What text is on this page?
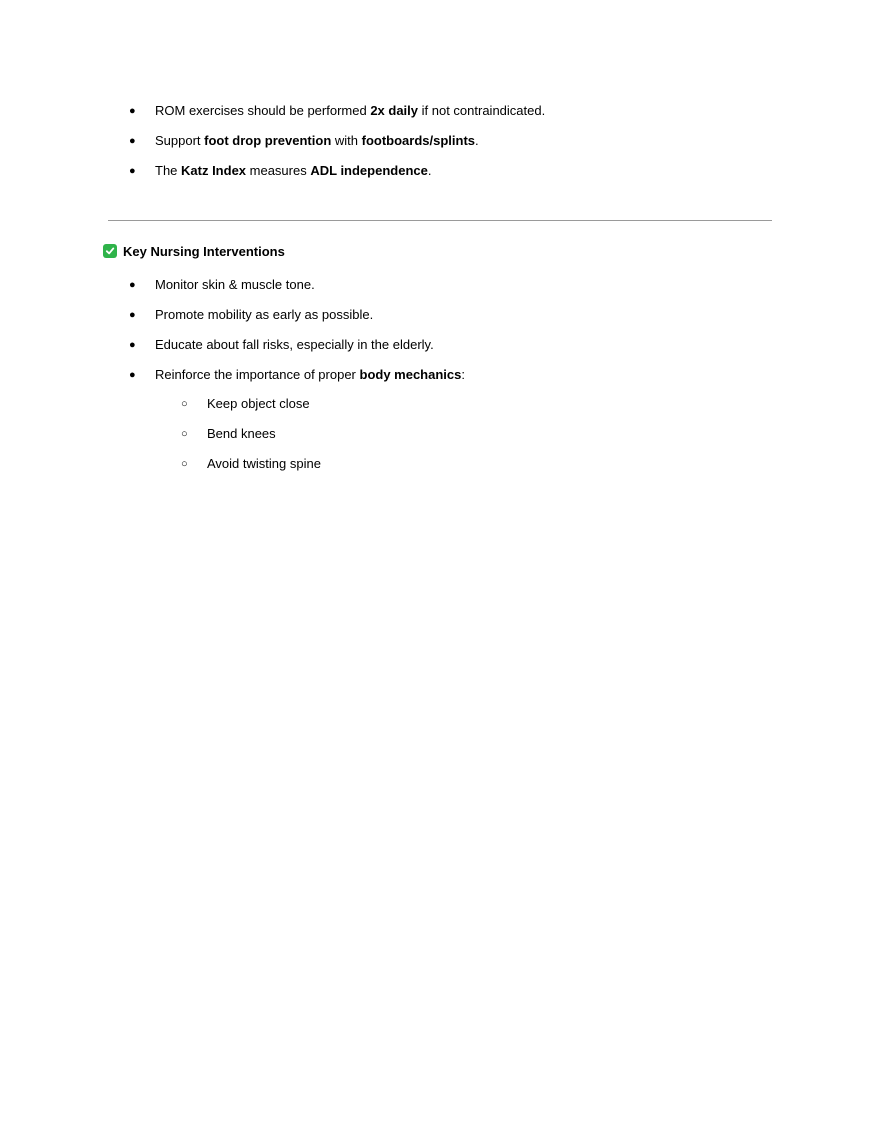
● ROM exercises should be performed 2x daily if not contraindicated.
● Support foot drop prevention with footboards/splints.
● The Katz Index measures ADL independence.
Key Nursing Interventions
● Monitor skin & muscle tone.
● Promote mobility as early as possible.
● Educate about fall risks, especially in the elderly.
● Reinforce the importance of proper body mechanics:
○ Keep object close
○ Bend knees
○ Avoid twisting spine
